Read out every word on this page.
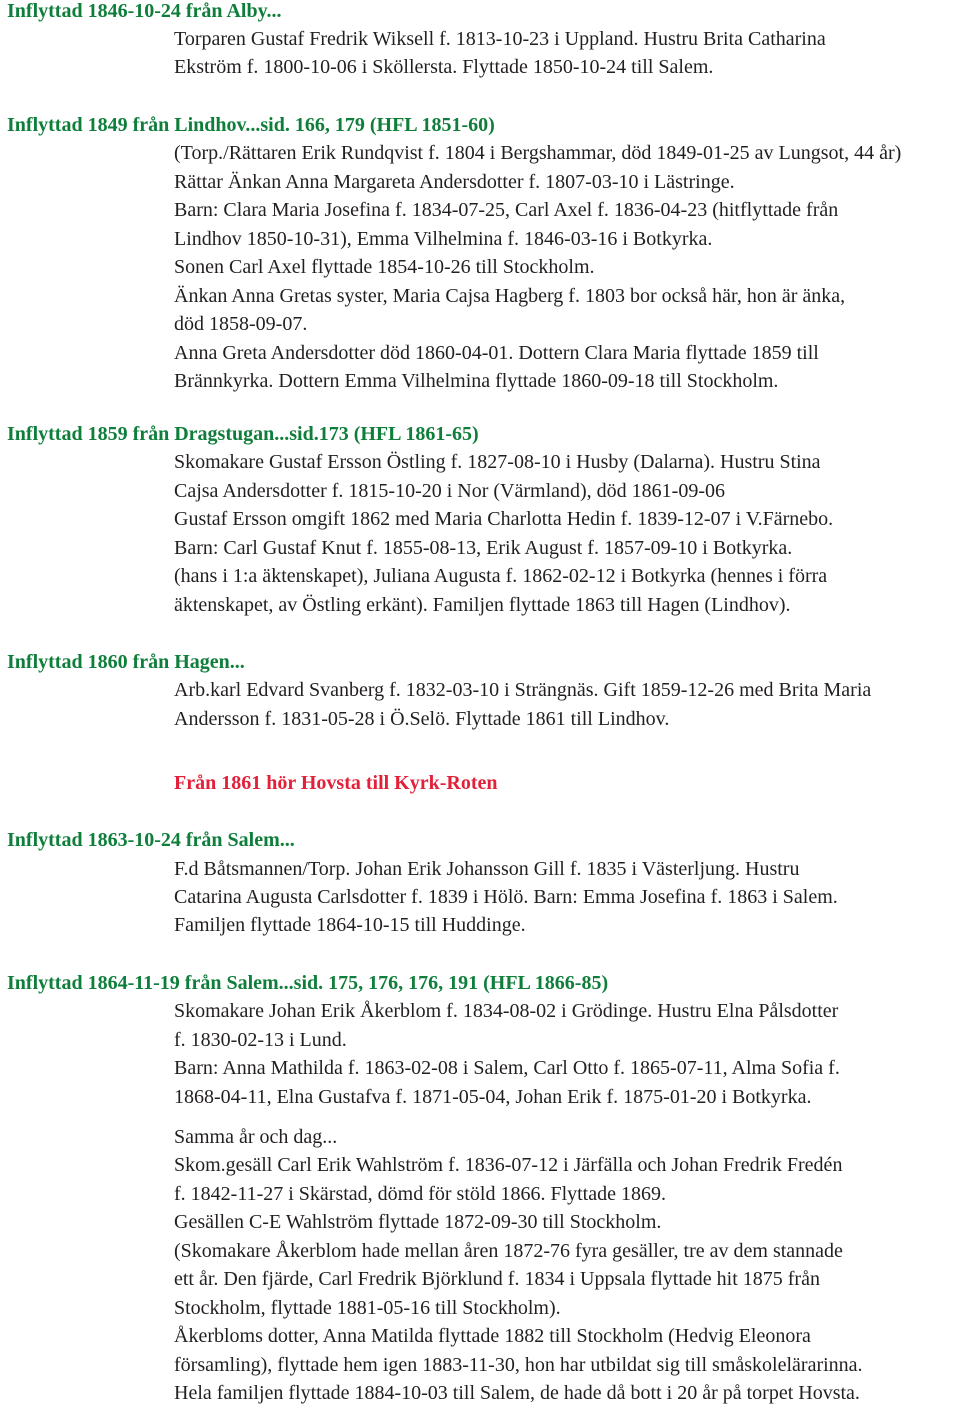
Inflyttad 1846-10-24 från Alby...

Torparen Gustaf Fredrik Wiksell f. 1813-10-23 i Uppland. Hustru Brita Catharina

Ekström f. 1800-10-06 i Sköllersta. Flyttade 1850-10-24 till Salem.

Inflyttad 1849 från Lindhov...sid. 166, 179 (HFL 1851-60)

(Torp./Rättaren Erik Rundqvist f. 1804 i Bergshammar, död 1849-01-25 av Lungsot, 44 år)

Rättar Änkan Anna Margareta Andersdotter f. 1807-03-10 i Lästringe.

Barn: Clara Maria Josefina f. 1834-07-25, Carl Axel f. 1836-04-23 (hitflyttade från

Lindhov 1850-10-31), Emma Vilhelmina f. 1846-03-16 i Botkyrka.

Sonen Carl Axel flyttade 1854-10-26 till Stockholm.

Änkan Anna Gretas syster, Maria Cajsa Hagberg f. 1803 bor också här, hon är änka,

död 1858-09-07.

Anna Greta Andersdotter död 1860-04-01. Dottern Clara Maria flyttade 1859 till

Brännkyrka. Dottern Emma Vilhelmina flyttade 1860-09-18 till Stockholm.

Inflyttad 1859 från Dragstugan...sid.173 (HFL 1861-65)

Skomakare Gustaf Ersson Östling f. 1827-08-10 i Husby (Dalarna). Hustru Stina

Cajsa Andersdotter f. 1815-10-20 i Nor (Värmland), död 1861-09-06

Gustaf Ersson omgift 1862 med Maria Charlotta Hedin f. 1839-12-07 i V.Färnebo.

Barn: Carl Gustaf Knut f. 1855-08-13, Erik August f. 1857-09-10 i Botkyrka.

(hans i 1:a äktenskapet), Juliana Augusta f. 1862-02-12 i Botkyrka (hennes i förra

äktenskapet, av Östling erkänt). Familjen flyttade 1863 till Hagen (Lindhov).

Inflyttad 1860 från Hagen...

Arb.karl Edvard Svanberg f. 1832-03-10 i Strängnäs. Gift 1859-12-26 med Brita Maria

Andersson f. 1831-05-28 i Ö.Selö. Flyttade 1861 till Lindhov.

Från 1861 hör Hovsta till Kyrk-Roten

Inflyttad 1863-10-24 från Salem...

F.d Båtsmannen/Torp. Johan Erik Johansson Gill f. 1835 i Västerljung. Hustru

Catarina Augusta Carlsdotter f. 1839 i Hölö. Barn: Emma Josefina f. 1863 i Salem.

Familjen flyttade 1864-10-15 till Huddinge.

Inflyttad 1864-11-19 från Salem...sid. 175, 176, 176, 191 (HFL 1866-85)

Skomakare Johan Erik Åkerblom f. 1834-08-02 i Grödinge. Hustru Elna Pålsdotter

f. 1830-02-13 i Lund.

Barn: Anna Mathilda f. 1863-02-08 i Salem, Carl Otto f. 1865-07-11, Alma Sofia f.

1868-04-11, Elna Gustafva f. 1871-05-04, Johan Erik f. 1875-01-20 i Botkyrka.

Samma år och dag...

Skom.gesäll Carl Erik Wahlström f. 1836-07-12 i Järfälla och Johan Fredrik Fredén

f. 1842-11-27 i Skärstad, dömd för stöld 1866. Flyttade 1869.

Gesällen C-E Wahlström flyttade 1872-09-30 till Stockholm.

(Skomakare Åkerblom hade mellan åren 1872-76 fyra gesäller, tre av dem stannade

ett år. Den fjärde, Carl Fredrik Björklund f. 1834 i Uppsala flyttade hit 1875 från

Stockholm, flyttade 1881-05-16 till Stockholm).

Åkerbloms dotter, Anna Matilda flyttade 1882 till Stockholm (Hedvig Eleonora

församling), flyttade hem igen 1883-11-30, hon har utbildat sig till småskolelärarinna.

Hela familjen flyttade 1884-10-03 till Salem, de hade då bott i 20 år på torpet Hovsta.
